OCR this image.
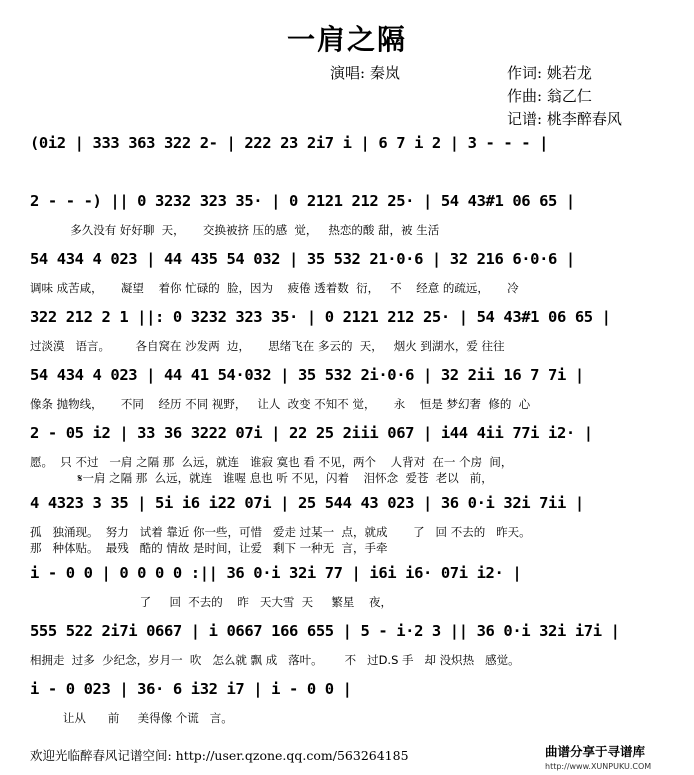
一肩之隔
演唱: 秦岚	作词: 姚若龙
作曲: 翁乙仁
记谱: 桃李醉春风
(0i2 | 333 363 322 2- | 222 23 2i7 i | 6 7 i 2 | 3 - - - |
2 - - -) || 0 3232 323 35· | 0 2121 212 25· | 54 43#1 06 65 |
多久没有 好好聊  天，     交换被挤 压的感  觉，   热恋的酸 甜，被 生活
54 434 4 023 | 44 435 54 032 | 35 532 21·0·6 | 32 216 6·0·6 |
调味 成苦咸，     凝望    着你 忙碌的  脸，因为    疲倦 透着数  衍，   不    经意 的疏远，     冷
322 212 2 1 ||: 0 3232 323 35· | 0 2121 212 25· | 54 43#1 06 65 |
过淡漠   语言。       各自窝在 沙发两  边，     思绪飞在 多云的  天，   烟火 到湖水，爱 往往
54 434 4 023 | 44 41 54·032 | 35 532 2i·0·6 | 32 2ii 16 7 7i |
像条 抛物线，     不同    经历 不同 视野，   让人  改变 不知不 觉，     永    恒是 梦幻奢  修的  心
2 - 05 i2 | 33 36 3222 07i | 22 25 2iii 067 | i44 4ii 77i i2· |
愿。  只 不过   一肩 之隔 那  么远，就连   谁寂 寞也 看 不见，两个    人背对  在一 个房  间，
𝄋一肩 之隔 那  么远，就连   谁喔 息也 听 不见，闪着    泪怀念  爱苍  老以   前，
4 4323 3 35 | 5i i6 i22 07i | 25 544 43 023 | 36 0·i 32i 7ii |
孤   独涌现。  努力   试着 靠近 你一些，可惜   爱走 过某一  点，就成       了   回 不去的   昨天。
那   种体贴。  最残   酷的 情故 是时间，让爱   剩下 一种无  言，手牵
i - 0 0 | 0 0 0 0 :|| 36 0·i 32i 77 | i6i i6· 07i i2· |
了     回  不去的    昨   天大雪  天     繁星    夜，
555 522 2i7i 0667 | i 0667 166 655 | 5 - i·2 3 || 36 0·i 32i i7i |
相拥走  过多  少纪念，岁月一  吹   怎么就 飘 成   落叶。      不   过D.S 手   却 没炽热   感觉。
i - 0 023 | 36· 6 i32 i7 | i - 0 0 |
让从      前     美得像 个谎   言。
欢迎光临醉春风记谱空间: http://user.qzone.qq.com/563264185	曲谱分享于寻谱库
http://www.XUNPUKU.COM
